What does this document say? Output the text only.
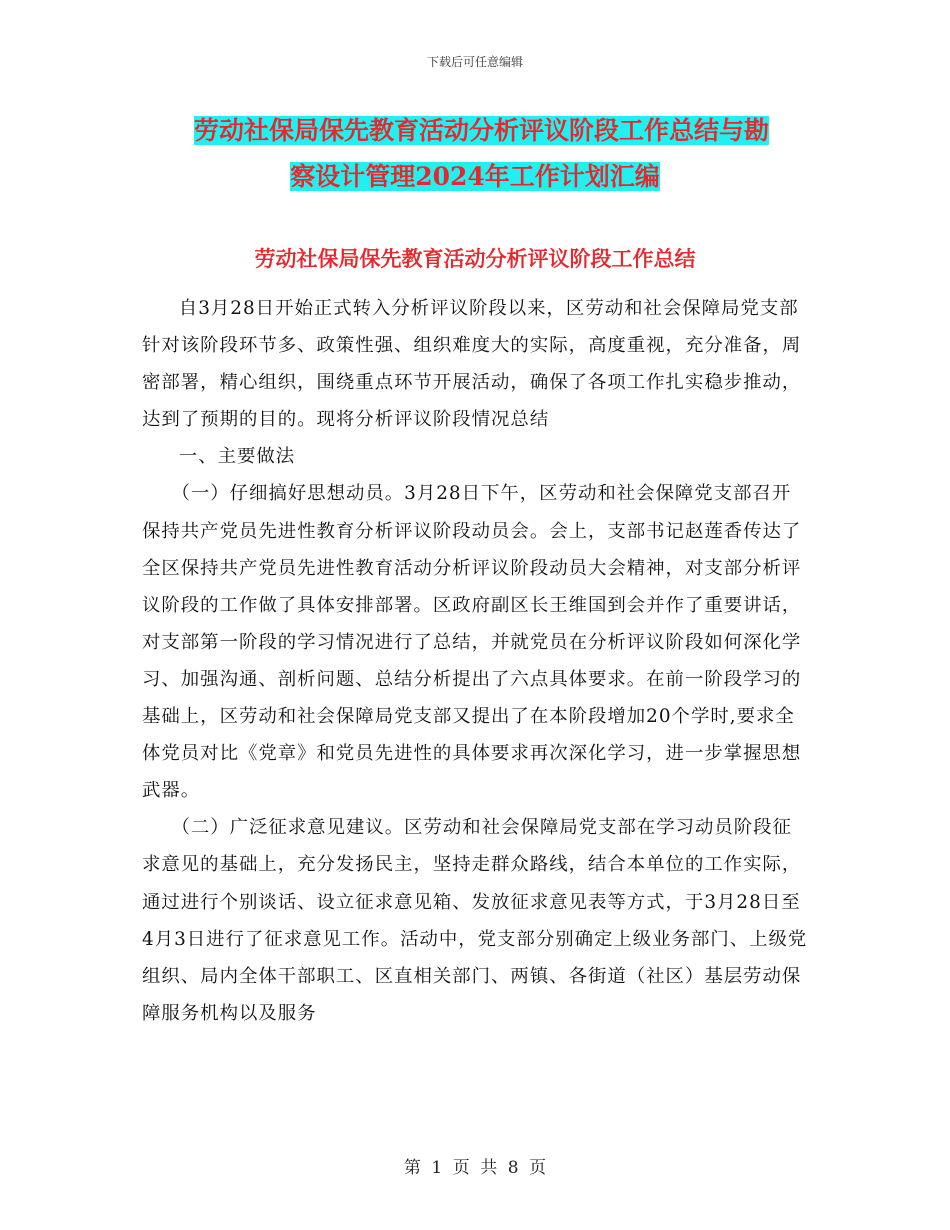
下载后可任意编辑
劳动社保局保先教育活动分析评议阶段工作总结与勘
察设计管理2024年工作计划汇编
劳动社保局保先教育活动分析评议阶段工作总结

自3月28日开始正式转入分析评议阶段以来，区劳动和社会保障局党支部针对该阶段环节多、政策性强、组织难度大的实际，高度重视，充分准备，周密部署，精心组织，围绕重点环节开展活动，确保了各项工作扎实稳步推动，达到了预期的目的。现将分析评议阶段情况总结

一、主要做法

（一）仔细搞好思想动员。3月28日下午，区劳动和社会保障党支部召开保持共产党员先进性教育分析评议阶段动员会。会上，支部书记赵莲香传达了全区保持共产党员先进性教育活动分析评议阶段动员大会精神，对支部分析评议阶段的工作做了具体安排部署。区政府副区长王维国到会并作了重要讲话，对支部第一阶段的学习情况进行了总结，并就党员在分析评议阶段如何深化学习、加强沟通、剖析问题、总结分析提出了六点具体要求。在前一阶段学习的基础上，区劳动和社会保障局党支部又提出了在本阶段增加20个学时,要求全体党员对比《党章》和党员先进性的具体要求再次深化学习，进一步掌握思想武器。

（二）广泛征求意见建议。区劳动和社会保障局党支部在学习动员阶段征求意见的基础上，充分发扬民主，坚持走群众路线，结合本单位的工作实际，通过进行个别谈话、设立征求意见箱、发放征求意见表等方式，于3月28日至4月3日进行了征求意见工作。活动中，党支部分别确定上级业务部门、上级党组织、局内全体干部职工、区直相关部门、两镇、各街道（社区）基层劳动保障服务机构以及服务

第 1 页 共 8 页
